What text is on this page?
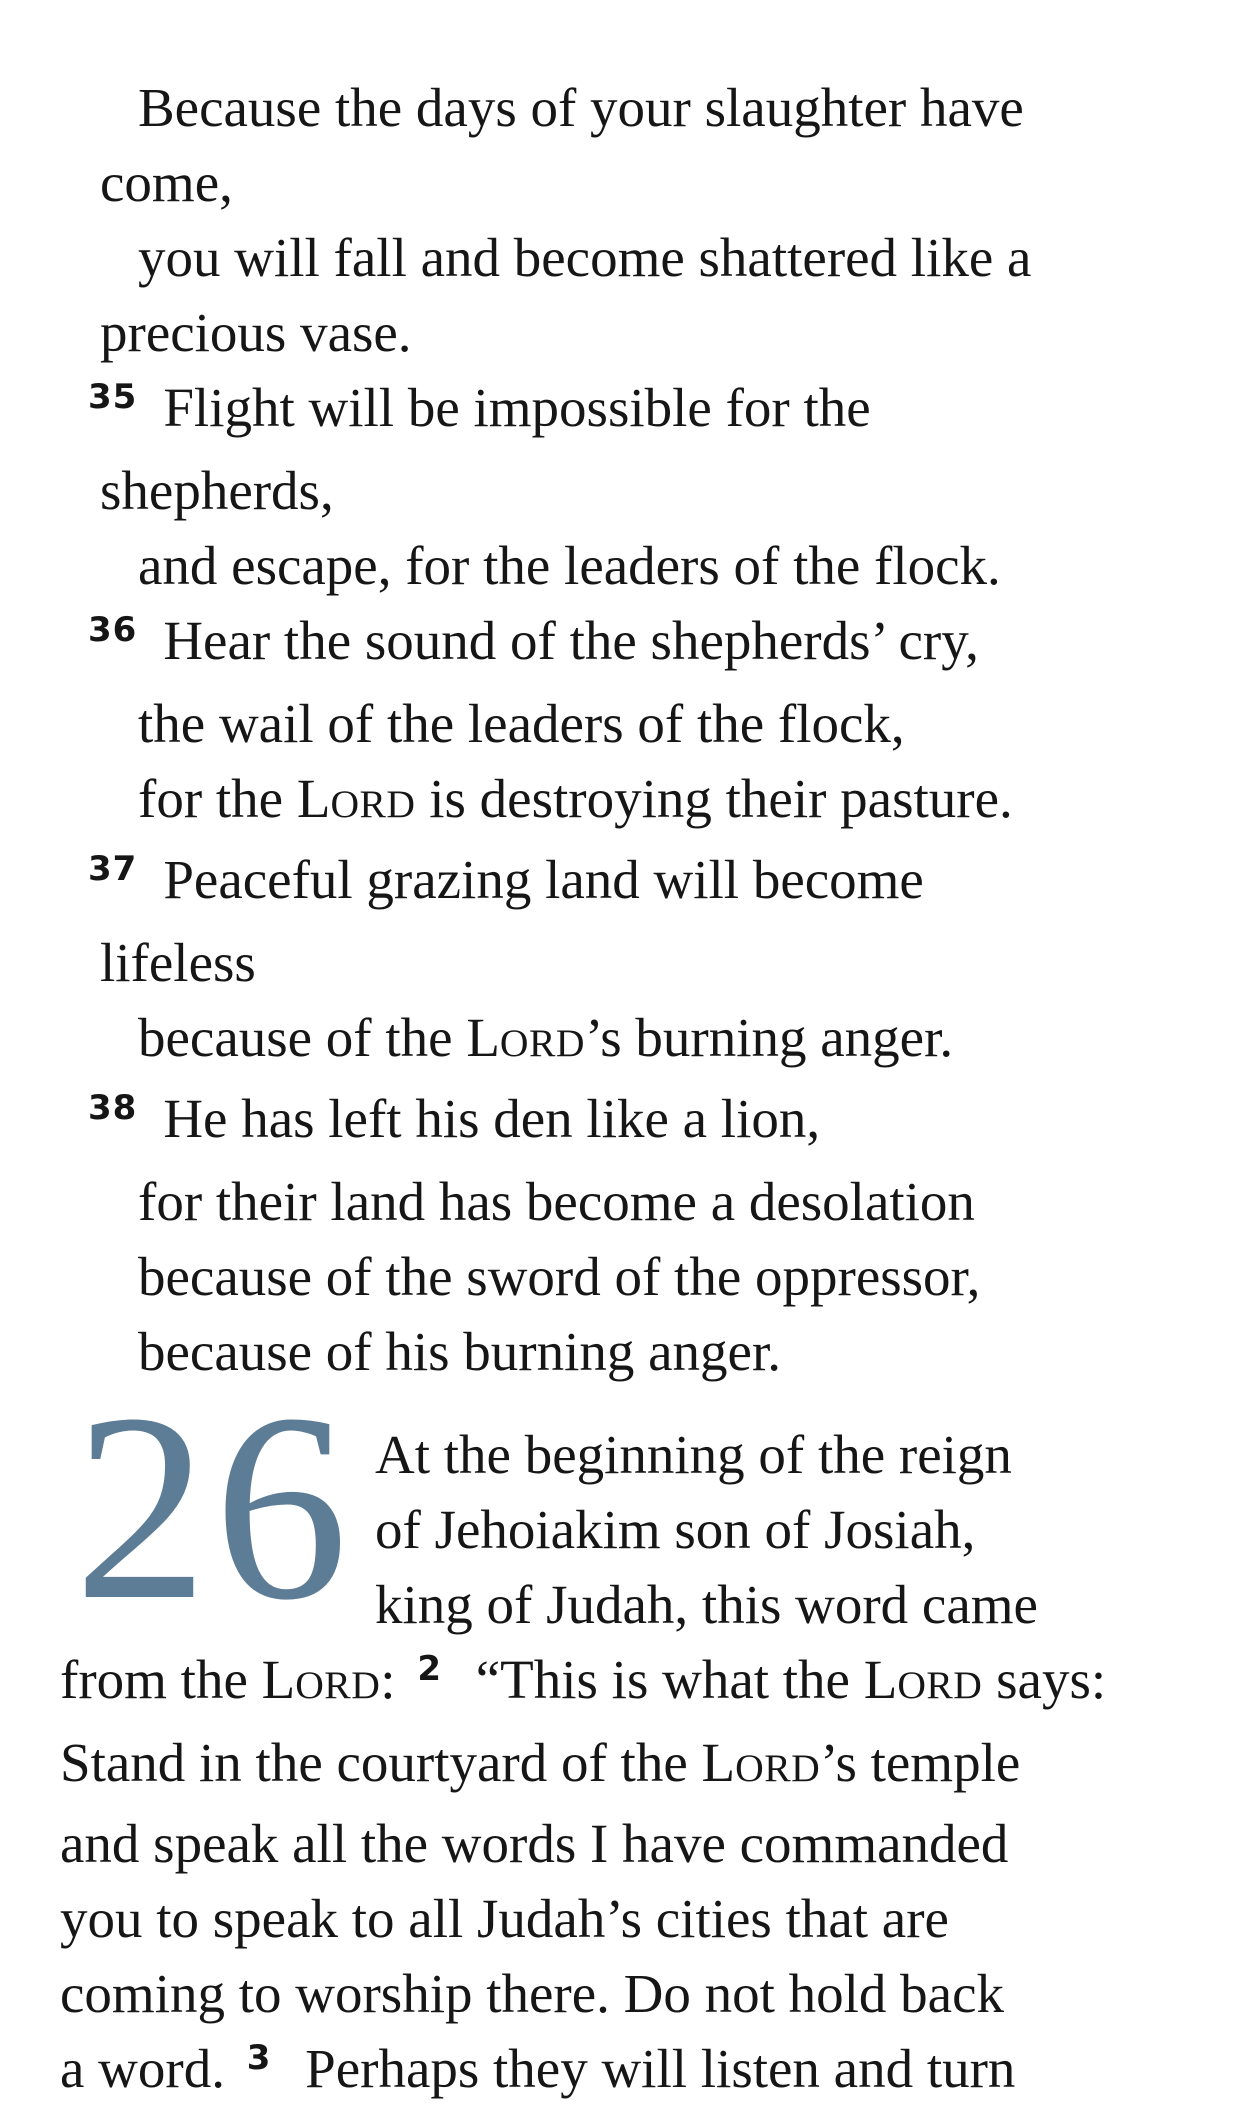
Because the days of your slaughter have
come,
you will fall and become shattered like a
precious vase.
$^{35}$ Flight will be impossible for the
shepherds,
and escape, for the leaders of the flock.
$^{36}$ Hear the sound of the shepherds’ cry,
the wail of the leaders of the flock,
for the LORD is destroying their pasture.
$^{37}$ Peaceful grazing land will become
lifeless
because of the LORD’s burning anger.
$^{38}$ He has left his den like a lion,
for their land has become a desolation
because of the sword of the oppressor,
because of his burning anger.
26 At the beginning of the reign
of Jehoiakim son of Josiah,
king of Judah, this word came
from the LORD: $^2$ “This is what the LORD says:
Stand in the courtyard of the LORD’s temple
and speak all the words I have commanded
you to speak to all Judah’s cities that are
coming to worship there. Do not hold back
a word. $^3$ Perhaps they will listen and turn
